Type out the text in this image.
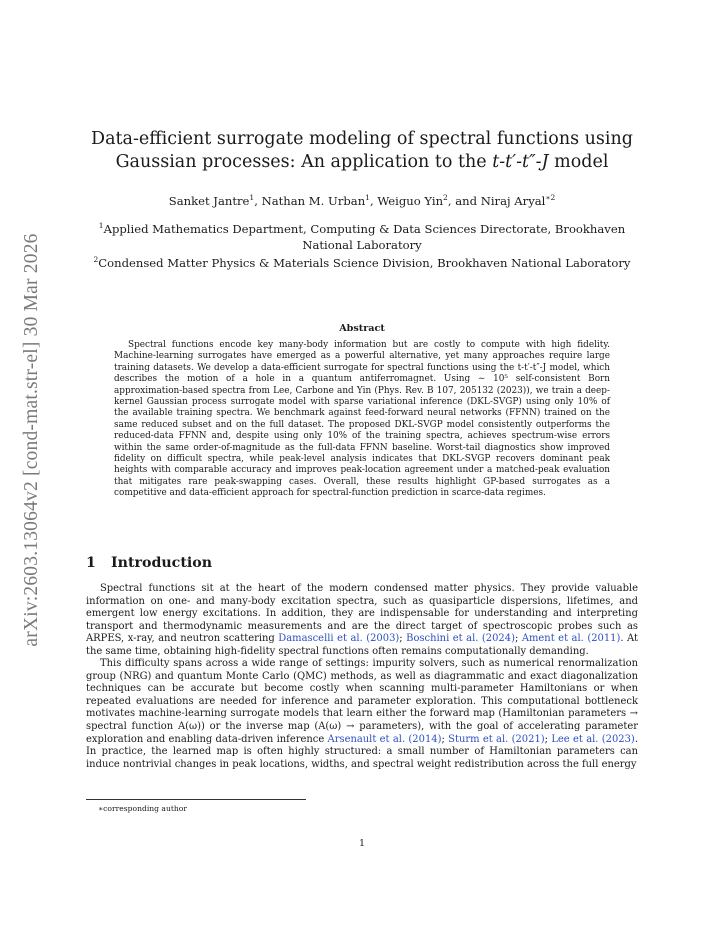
arXiv:2603.13064v2 [cond-mat.str-el] 30 Mar 2026
Data-efficient surrogate modeling of spectral functions using
Gaussian processes: An application to the t-t′-t″-J model
Sanket Jantre$^1$, Nathan M. Urban$^1$, Weiguo Yin$^2$, and Niraj Aryal$^{∗2}$
$^1$Applied Mathematics Department, Computing & Data Sciences Directorate, Brookhaven National Laboratory
$^2$Condensed Matter Physics & Materials Science Division, Brookhaven National Laboratory
Abstract

Spectral functions encode key many-body information but are costly to compute with high fidelity. Machine-learning surrogates have emerged as a powerful alternative, yet many approaches require large training datasets. We develop a data-efficient surrogate for spectral functions using the t-t′-t″-J model, which describes the motion of a hole in a quantum antiferromagnet. Using ∼ 10⁵ self-consistent Born approximation-based spectra from Lee, Carbone and Yin (Phys. Rev. B 107, 205132 (2023)), we train a deep-kernel Gaussian process surrogate model with sparse variational inference (DKL-SVGP) using only 10% of the available training spectra. We benchmark against feed-forward neural networks (FFNN) trained on the same reduced subset and on the full dataset. The proposed DKL-SVGP model consistently outperforms the reduced-data FFNN and, despite using only 10% of the training spectra, achieves spectrum-wise errors within the same order-of-magnitude as the full-data FFNN baseline. Worst-tail diagnostics show improved fidelity on difficult spectra, while peak-level analysis indicates that DKL-SVGP recovers dominant peak heights with comparable accuracy and improves peak-location agreement under a matched-peak evaluation that mitigates rare peak-swapping cases. Overall, these results highlight GP-based surrogates as a competitive and data-efficient approach for spectral-function prediction in scarce-data regimes.

1 Introduction

Spectral functions sit at the heart of the modern condensed matter physics. They provide valuable information on one- and many-body excitation spectra, such as quasiparticle dispersions, lifetimes, and emergent low energy excitations. In addition, they are indispensable for understanding and interpreting transport and thermodynamic measurements and are the direct target of spectroscopic probes such as ARPES, x-ray, and neutron scattering Damascelli et al. (2003); Boschini et al. (2024); Ament et al. (2011). At the same time, obtaining high-fidelity spectral functions often remains computationally demanding.

This difficulty spans across a wide range of settings: impurity solvers, such as numerical renormalization group (NRG) and quantum Monte Carlo (QMC) methods, as well as diagrammatic and exact diagonalization techniques can be accurate but become costly when scanning multi-parameter Hamiltonians or when repeated evaluations are needed for inference and parameter exploration. This computational bottleneck motivates machine-learning surrogate models that learn either the forward map (Hamiltonian parameters → spectral function A(ω)) or the inverse map (A(ω) → parameters), with the goal of accelerating parameter exploration and enabling data-driven inference Arsenault et al. (2014); Sturm et al. (2021); Lee et al. (2023). In practice, the learned map is often highly structured: a small number of Hamiltonian parameters can induce nontrivial changes in peak locations, widths, and spectral weight redistribution across the full energy

∗corresponding author
1
